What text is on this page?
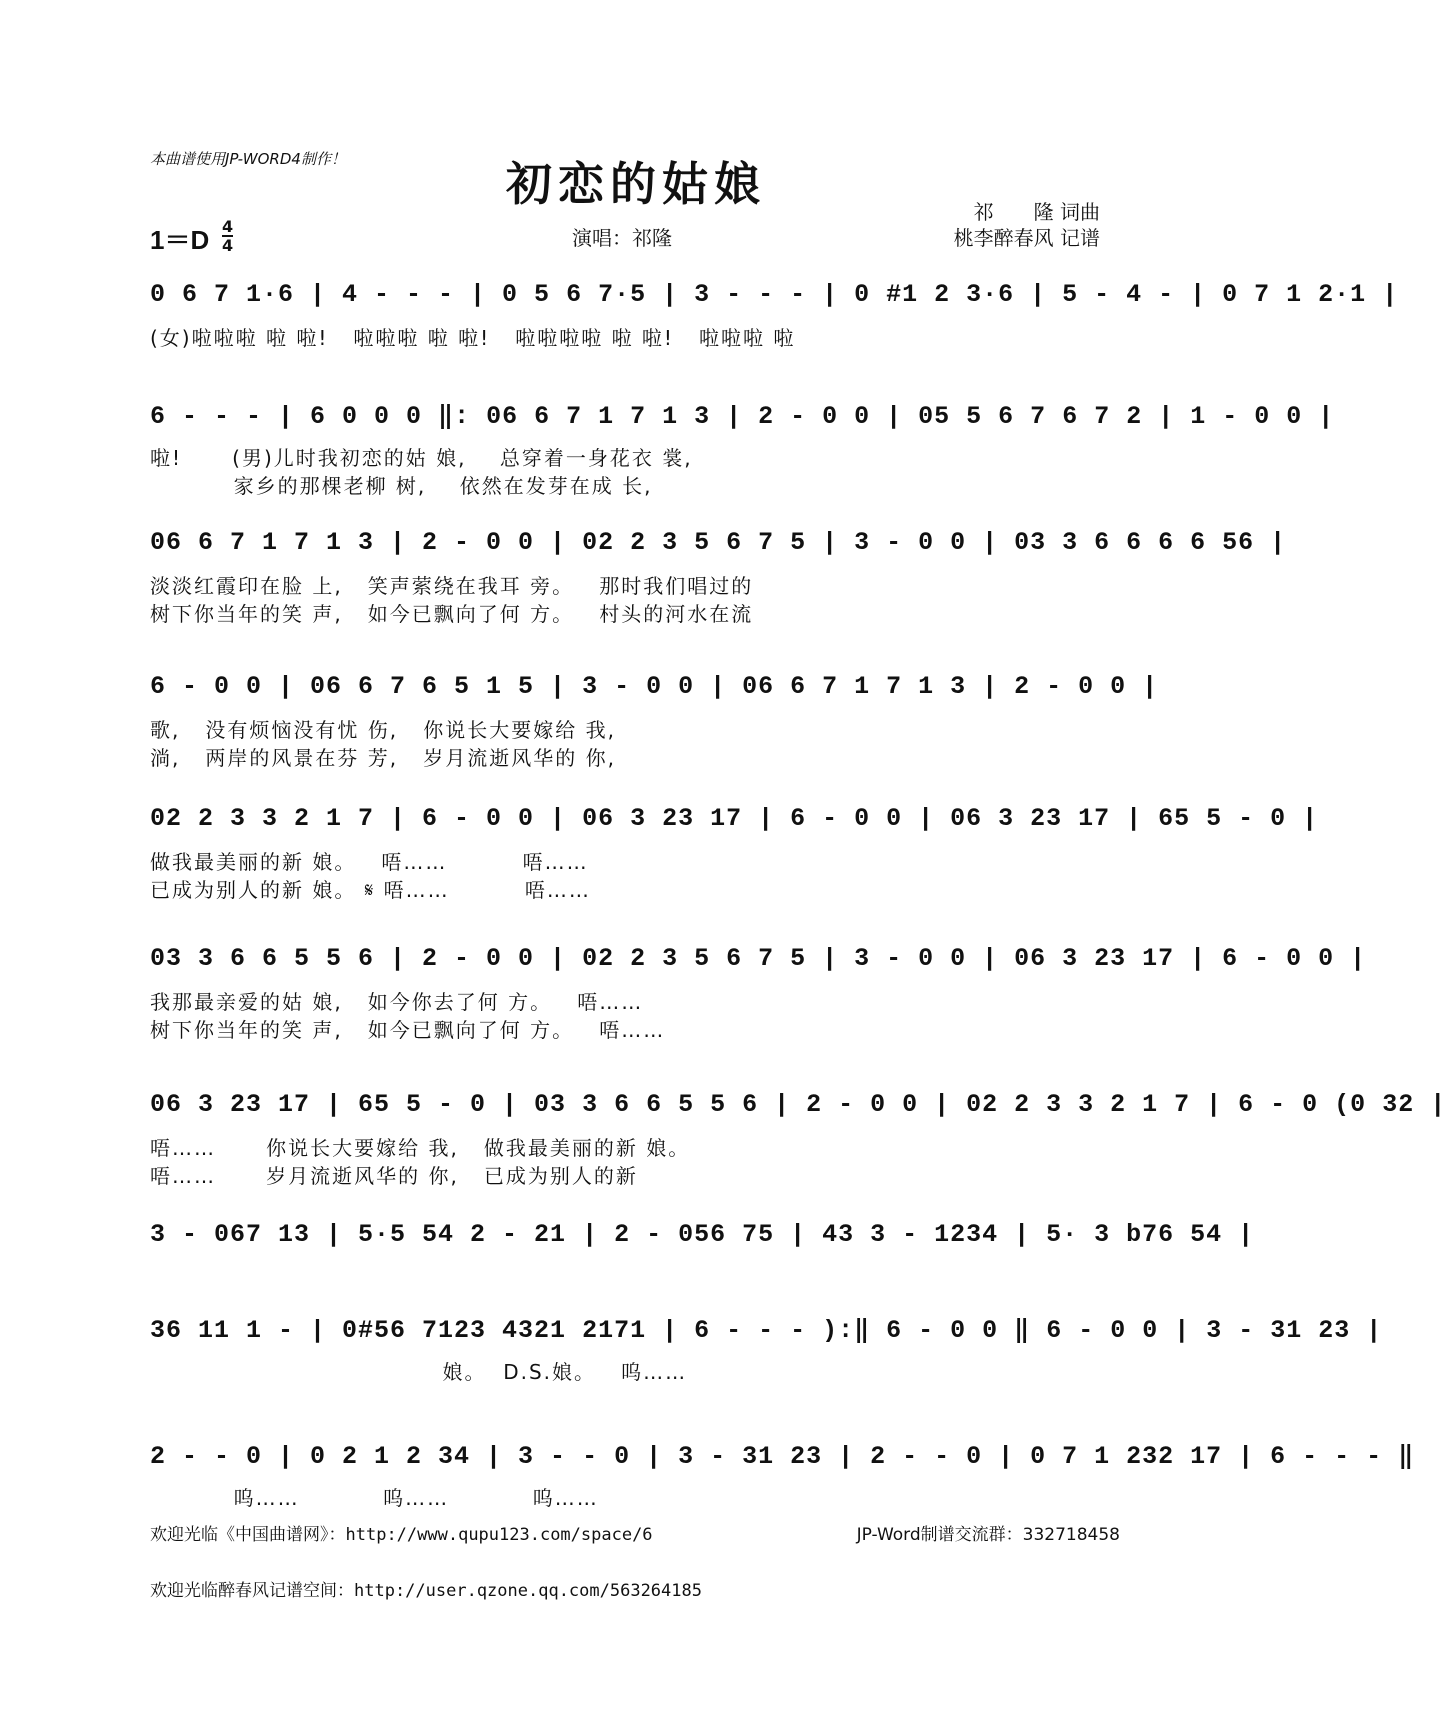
本曲谱使用JP-WORD4制作！	初恋的姑娘
祁　　隆 词曲
桃李醉春风 记谱
演唱：祁隆
1＝D 4
4
0 6 7 1·6 | 4 - - - | 0 5 6 7·5 | 3 - - - | 0 #1 2 3·6 | 5 - 4 - | 0 7 1 2·1 |
(女)啦啦啦 啦 啦!   啦啦啦 啦 啦!   啦啦啦啦 啦 啦!   啦啦啦 啦
6 - - - | 6 0 0 0 ‖: 06 6 7 1 7 1 3 | 2 - 0 0 | 05 5 6 7 6 7 2 | 1 - 0 0 |
啦!      (男)儿时我初恋的姑 娘,    总穿着一身花衣 裳,
家乡的那棵老柳 树,    依然在发芽在成 长,
06 6 7 1 7 1 3 | 2 - 0 0 | 02 2 3 5 6 7 5 | 3 - 0 0 | 03 3 6 6 6 6 56 |
淡淡红霞印在脸 上,   笑声萦绕在我耳 旁。   那时我们唱过的
树下你当年的笑 声,   如今已飘向了何 方。   村头的河水在流
6 - 0 0 | 06 6 7 6 5 1 5 | 3 - 0 0 | 06 6 7 1 7 1 3 | 2 - 0 0 |
歌,   没有烦恼没有忧 伤,   你说长大要嫁给 我,
淌,   两岸的风景在芬 芳,   岁月流逝风华的 你,
02 2 3 3 2 1 7 | 6 - 0 0 | 06 3 23 17 | 6 - 0 0 | 06 3 23 17 | 65 5 - 0 |
做我最美丽的新 娘。   唔……         唔……
已成为别人的新 娘。 𝄋 唔……         唔……
03 3 6 6 5 5 6 | 2 - 0 0 | 02 2 3 5 6 7 5 | 3 - 0 0 | 06 3 23 17 | 6 - 0 0 |
我那最亲爱的姑 娘,   如今你去了何 方。   唔……
树下你当年的笑 声,   如今已飘向了何 方。   唔……
06 3 23 17 | 65 5 - 0 | 03 3 6 6 5 5 6 | 2 - 0 0 | 02 2 3 3 2 1 7 | 6 - 0 (0 32 |
唔……      你说长大要嫁给 我,   做我最美丽的新 娘。
唔……      岁月流逝风华的 你,   已成为别人的新
3 - 067 13 | 5·5 54 2 - 21 | 2 - 056 75 | 43 3 - 1234 | 5· 3 b76 54 |
36 11 1 - | 0#56 7123 4321 2171 | 6 - - - ):‖ 6 - 0 0 ‖ 6 - 0 0 | 3 - 31 23 |
娘。  D.S.娘。   呜……
2 - - 0 | 0 2 1 2 34 | 3 - - 0 | 3 - 31 23 | 2 - - 0 | 0 7 1 232 17 | 6 - - - ‖
呜……          呜……          呜……
欢迎光临《中国曲谱网》：http://www.qupu123.com/space/6	JP-Word制谱交流群：332718458
欢迎光临醉春风记谱空间：http://user.qzone.qq.com/563264185
